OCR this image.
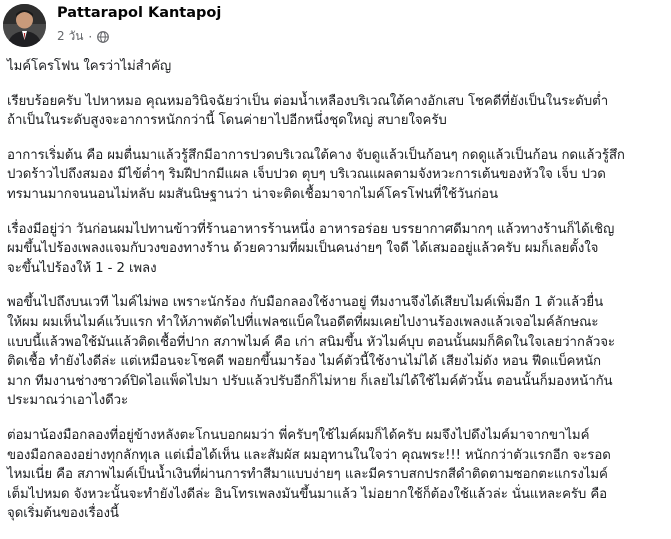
Pattarapol Kantapoj
2 วัน ·

ไมค์โครโฟน ใครว่าไม่สำคัญ

เรียบร้อยครับ ไปหาหมอ คุณหมอวินิจฉัยว่าเป็น ต่อมน้ำเหลืองบริเวณใต้คางอักเสบ โชคดีที่ยังเป็นในระดับต่ำ
ถ้าเป็นในระดับสูงจะอาการหนักกว่านี้ โดนค่ายาไปอีกหนึ่งชุดใหญ่ สบายใจครับ

อาการเริ่มต้น คือ ผมตื่นมาแล้วรู้สึกมีอาการปวดบริเวณใต้คาง จับดูแล้วเป็นก้อนๆ กดดูแล้วเป็นก้อน กดแล้วรู้สึก
ปวดร้าวไปถึงสมอง มีไข้ต่ำๆ ริมฝีปากมีแผล เจ็บปวด ตุบๆ บริเวณแผลตามจังหวะการเต้นของหัวใจ เจ็บ ปวด
ทรมานมากจนนอนไม่หลับ ผมสันนิษฐานว่า น่าจะติดเชื้อมาจากไมค์โครโฟนที่ใช้วันก่อน

เรื่องมีอยู่ว่า วันก่อนผมไปทานข้าวที่ร้านอาหารร้านหนึ่ง อาหารอร่อย บรรยากาศดีมากๆ แล้วทางร้านก็ได้เชิญ
ผมขึ้นไปร้องเพลงแจมกับวงของทางร้าน ด้วยความที่ผมเป็นคนง่ายๆ ใจดี ได้เสมออยู่แล้วครับ ผมก็เลยตั้งใจ
จะขึ้นไปร้องให้ 1 - 2 เพลง

พอขึ้นไปถึงบนเวที ไมค์ไม่พอ เพราะนักร้อง กับมือกลองใช้งานอยู่ ทีมงานจึงได้เสียบไมค์เพิ่มอีก 1 ตัวแล้วยื่น
ให้ผม ผมเห็นไมค์แว้บแรก ทำให้ภาพตัดไปที่แฟลชแบ็คในอดีตที่ผมเคยไปงานร้องเพลงแล้วเจอไมค์ลักษณะ
แบบนี้แล้วพอใช้มันแล้วติดเชื้อที่ปาก สภาพไมค์ คือ เก่า สนิมขึ้น หัวไมค์บุบ ตอนนั้นผมก็คิดในใจเลยว่ากลัวจะ
ติดเชื้อ ทำยังไงดีล่ะ แต่เหมือนจะโชคดี พอยกขึ้นมาร้อง ไมค์ตัวนี้ใช้งานไม่ได้ เสียงไม่ดัง หอน ฟีดแบ็คหนัก
มาก ทีมงานช่างซาวด์ปิดไอแพ็ดไปมา ปรับแล้วปรับอีกก็ไม่หาย ก็เลยไม่ได้ใช้ไมค์ตัวนั้น ตอนนั้นก็มองหน้ากัน
ประมาณว่าเอาไงดีวะ

ต่อมาน้องมือกลองที่อยู่ข้างหลังตะโกนบอกผมว่า พี่ครับๆใช้ไมค์ผมก็ได้ครับ ผมจึงไปดึงไมค์มาจากขาไมค์
ของมือกลองอย่างทุกลักทุเล แต่เมื่อได้เห็น และสัมผัส ผมอุทานในใจว่า คุณพระ!!! หนักกว่าตัวแรกอีก จะรอด
ไหมเนี่ย คือ สภาพไมค์เป็นน้ำเงินที่ผ่านการทำสีมาแบบง่ายๆ และมีคราบสกปรกสีดำติดตามซอกตะแกรงไมค์
เต็มไปหมด จังหวะนั้นจะทำยังไงดีล่ะ อินโทรเพลงมันขึ้นมาแล้ว ไม่อยากใช้ก็ต้องใช้แล้วล่ะ นั่นแหละครับ คือ
จุดเริ่มต้นของเรื่องนี้
